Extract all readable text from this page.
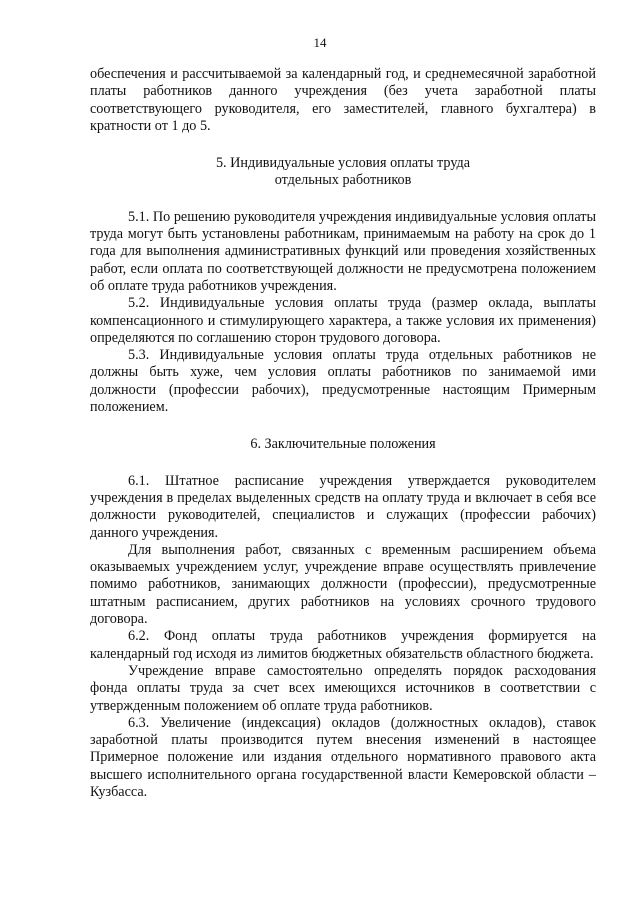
14

обеспечения и рассчитываемой за календарный год, и среднемесячной заработной платы работников данного учреждения (без учета заработной платы соответствующего руководителя, его заместителей, главного бухгалтера) в кратности от 1 до 5.

5. Индивидуальные условия оплаты труда
отдельных работников

5.1. По решению руководителя учреждения индивидуальные условия оплаты труда могут быть установлены работникам, принимаемым на работу на срок до 1 года для выполнения административных функций или проведения хозяйственных работ, если оплата по соответствующей должности не предусмотрена положением об оплате труда работников учреждения.

5.2. Индивидуальные условия оплаты труда (размер оклада, выплаты компенсационного и стимулирующего характера, а также условия их применения) определяются по соглашению сторон трудового договора.

5.3. Индивидуальные условия оплаты труда отдельных работников не должны быть хуже, чем условия оплаты работников по занимаемой ими должности (профессии рабочих), предусмотренные настоящим Примерным положением.

6. Заключительные положения

6.1. Штатное расписание учреждения утверждается руководителем учреждения в пределах выделенных средств на оплату труда и включает в себя все должности руководителей, специалистов и служащих (профессии рабочих) данного учреждения.

Для выполнения работ, связанных с временным расширением объема оказываемых учреждением услуг, учреждение вправе осуществлять привлечение помимо работников, занимающих должности (профессии), предусмотренные штатным расписанием, других работников на условиях срочного трудового договора.

6.2. Фонд оплаты труда работников учреждения формируется на календарный год исходя из лимитов бюджетных обязательств областного бюджета.

Учреждение вправе самостоятельно определять порядок расходования фонда оплаты труда за счет всех имеющихся источников в соответствии с утвержденным положением об оплате труда работников.

6.3. Увеличение (индексация) окладов (должностных окладов), ставок заработной платы производится путем внесения изменений в настоящее Примерное положение или издания отдельного нормативного правового акта высшего исполнительного органа государственной власти Кемеровской области – Кузбасса.
